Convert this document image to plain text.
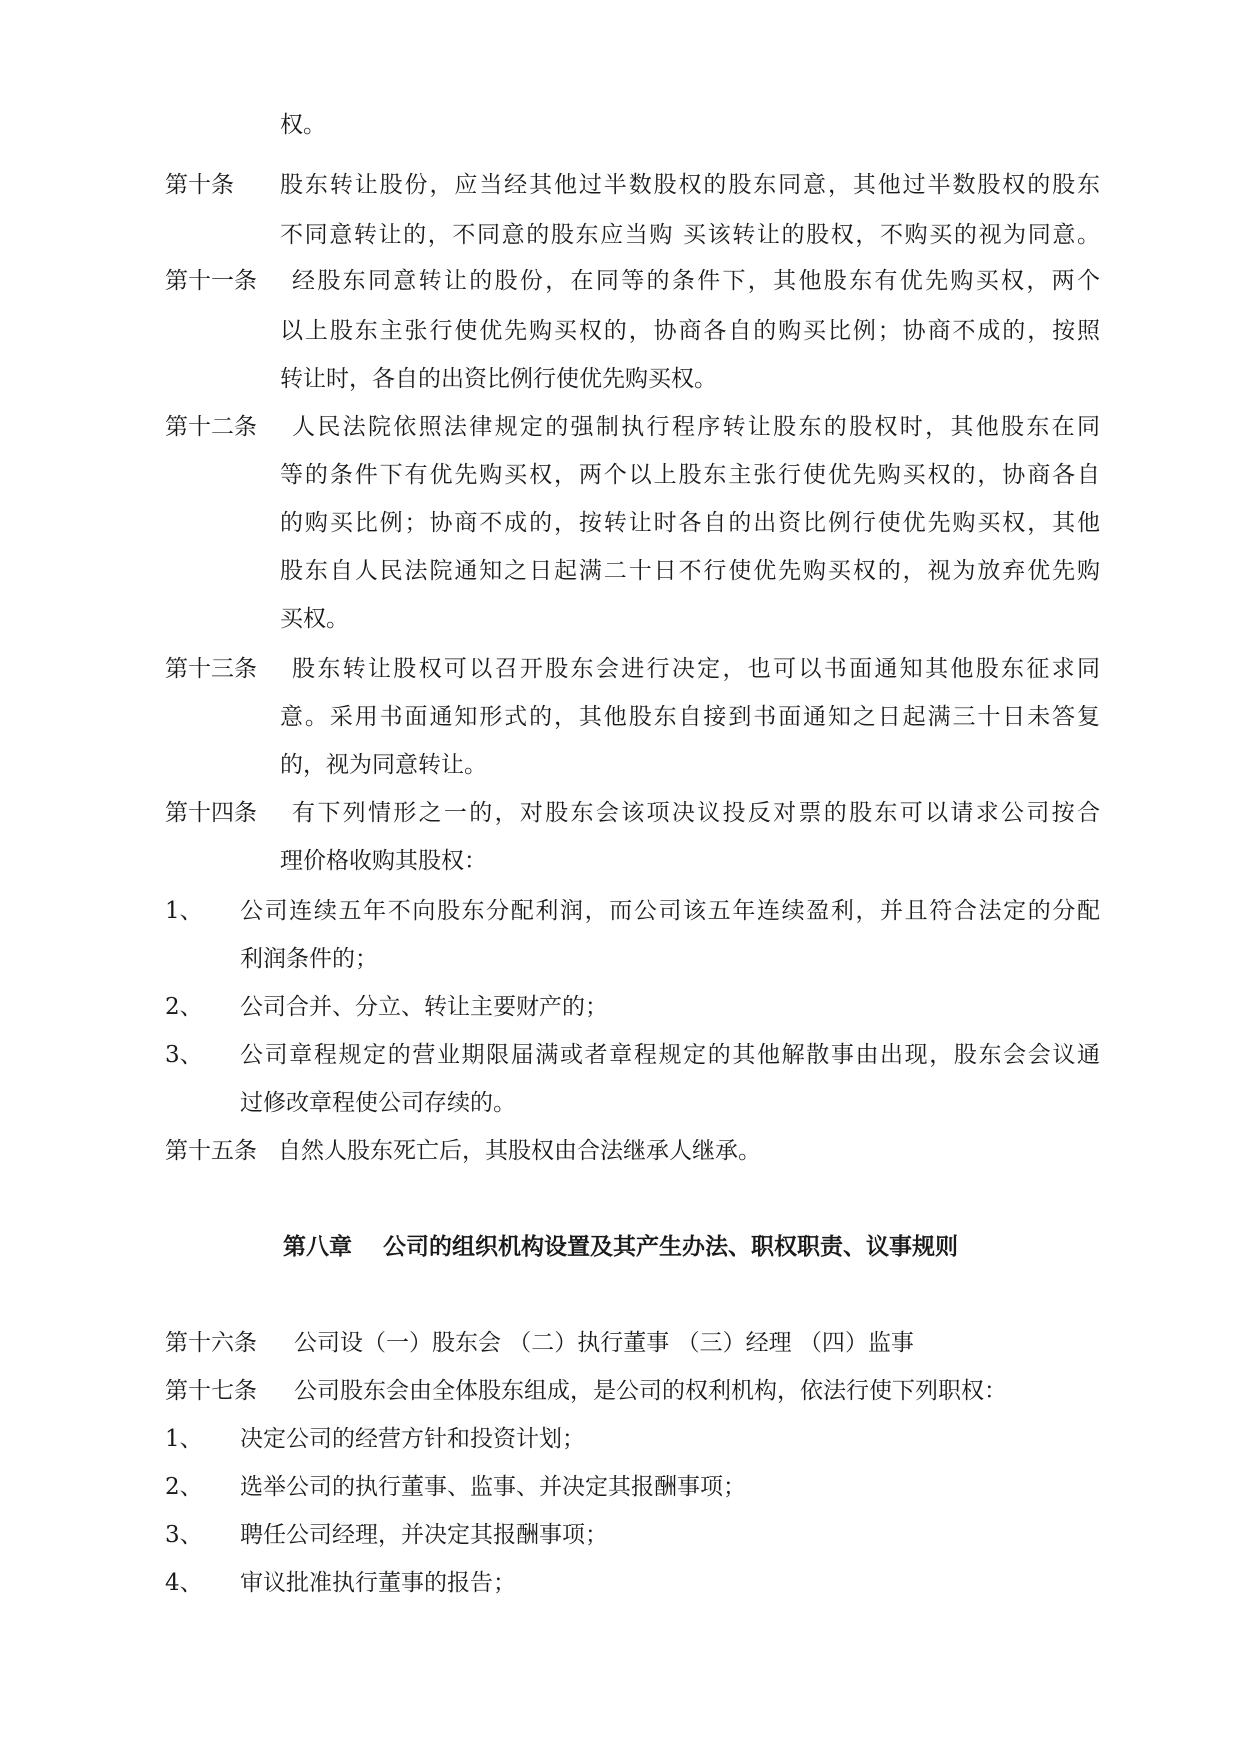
权。
第十条 股东转让股份，应当经其他过半数股权的股东同意，其他过半数股权的股东
不同意转让的，不同意的股东应当购 买该转让的股权，不购买的视为同意。
第十一条 经股东同意转让的股份，在同等的条件下，其他股东有优先购买权，两个
以上股东主张行使优先购买权的，协商各自的购买比例；协商不成的，按照
转让时，各自的出资比例行使优先购买权。
第十二条 人民法院依照法律规定的强制执行程序转让股东的股权时，其他股东在同
等的条件下有优先购买权，两个以上股东主张行使优先购买权的，协商各自
的购买比例；协商不成的，按转让时各自的出资比例行使优先购买权，其他
股东自人民法院通知之日起满二十日不行使优先购买权的，视为放弃优先购
买权。
第十三条 股东转让股权可以召开股东会进行决定，也可以书面通知其他股东征求同
意。采用书面通知形式的，其他股东自接到书面通知之日起满三十日未答复
的，视为同意转让。
第十四条 有下列情形之一的，对股东会该项决议投反对票的股东可以请求公司按合
理价格收购其股权：
1、 公司连续五年不向股东分配利润，而公司该五年连续盈利，并且符合法定的分配
利润条件的；
2、 公司合并、分立、转让主要财产的；
3、 公司章程规定的营业期限届满或者章程规定的其他解散事由出现，股东会会议通
过修改章程使公司存续的。
第十五条 自然人股东死亡后，其股权由合法继承人继承。
第八章　 公司的组织机构设置及其产生办法、职权职责、议事规则
第十六条 公司设（一）股东会 （二）执行董事 （三）经理 （四）监事
第十七条 公司股东会由全体股东组成，是公司的权利机构，依法行使下列职权：
1、 决定公司的经营方针和投资计划；
2、 选举公司的执行董事、监事、并决定其报酬事项；
3、 聘任公司经理，并决定其报酬事项；
4、 审议批准执行董事的报告；
